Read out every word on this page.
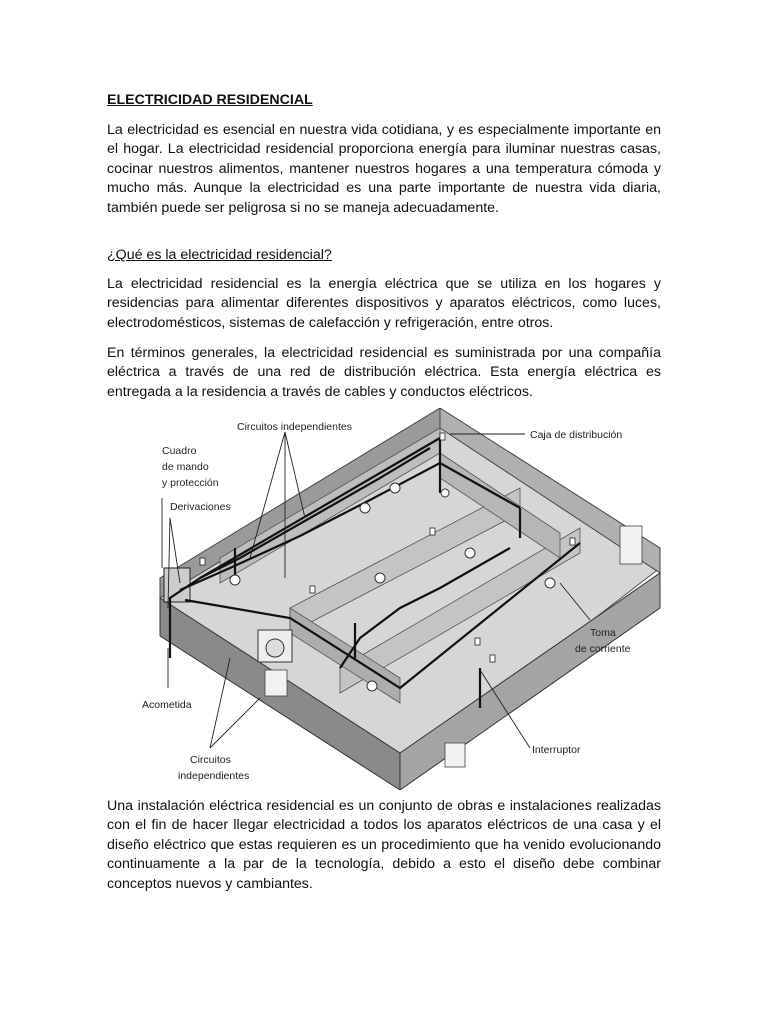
ELECTRICIDAD RESIDENCIAL

La electricidad es esencial en nuestra vida cotidiana, y es especialmente importante en el hogar. La electricidad residencial proporciona energía para iluminar nuestras casas, cocinar nuestros alimentos, mantener nuestros hogares a una temperatura cómoda y mucho más. Aunque la electricidad es una parte importante de nuestra vida diaria, también puede ser peligrosa si no se maneja adecuadamente.

¿Qué es la electricidad residencial?

La electricidad residencial es la energía eléctrica que se utiliza en los hogares y residencias para alimentar diferentes dispositivos y aparatos eléctricos, como luces, electrodomésticos, sistemas de calefacción y refrigeración, entre otros.

En términos generales, la electricidad residencial es suministrada por una compañía eléctrica a través de una red de distribución eléctrica. Esta energía eléctrica es entregada a la residencia a través de cables y conductos eléctricos.

Circuitos independientes
Caja de distribución
Cuadro
de mando
y protección
Derivaciones
Toma
de corriente
Acometida
Interruptor
Circuitos
independientes

Una instalación eléctrica residencial es un conjunto de obras e instalaciones realizadas con el fin de hacer llegar electricidad a todos los aparatos eléctricos de una casa y el diseño eléctrico que estas requieren es un procedimiento que ha venido evolucionando continuamente a la par de la tecnología, debido a esto el diseño debe combinar conceptos nuevos y cambiantes.
